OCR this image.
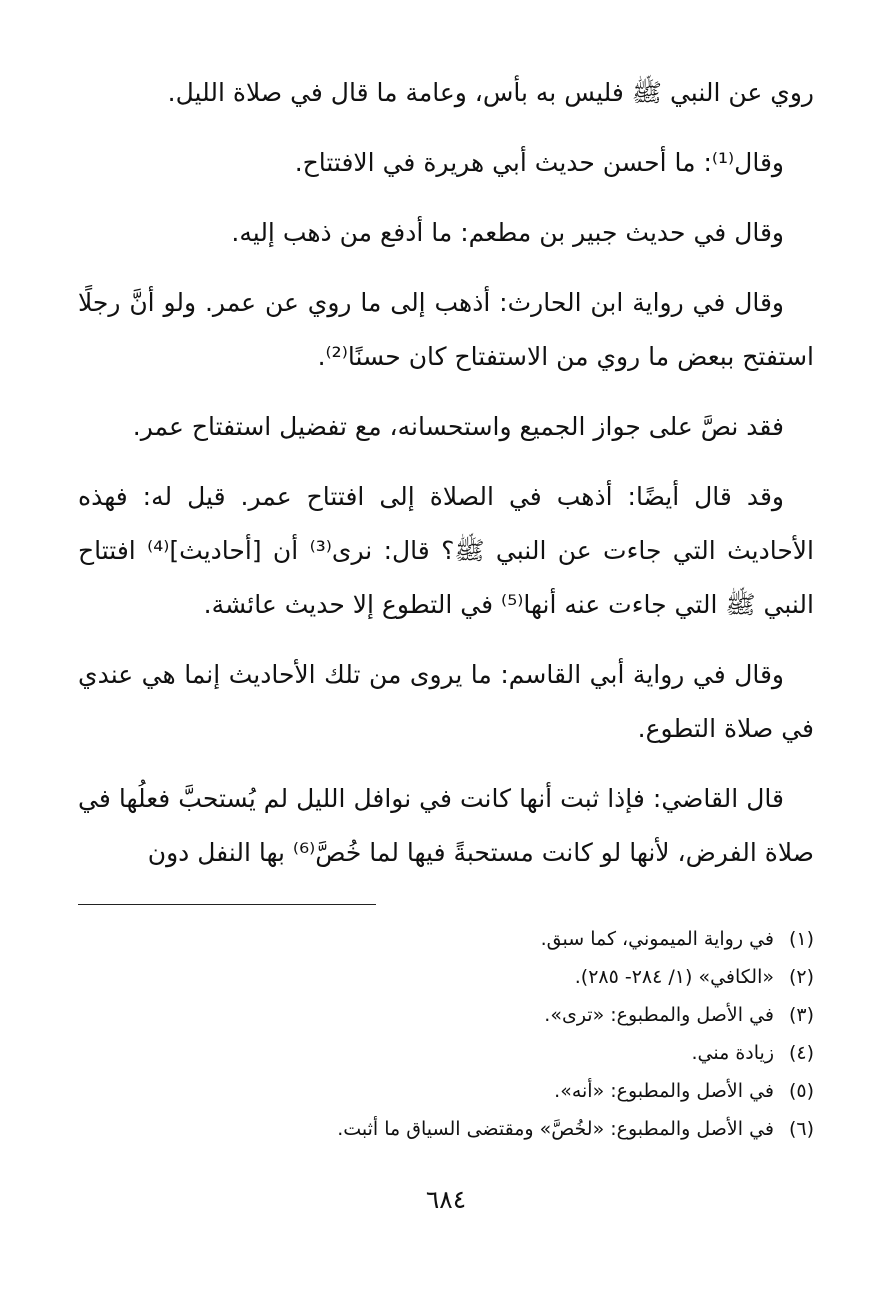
روي عن النبي ﷺ فليس به بأس، وعامة ما قال في صلاة الليل.

وقال⁽¹⁾: ما أحسن حديث أبي هريرة في الافتتاح.

وقال في حديث جبير بن مطعم: ما أدفع من ذهب إليه.

وقال في رواية ابن الحارث: أذهب إلى ما روي عن عمر. ولو أنَّ رجلًا استفتح ببعض ما روي من الاستفتاح كان حسنًا⁽²⁾.

فقد نصَّ على جواز الجميع واستحسانه، مع تفضيل استفتاح عمر.

وقد قال أيضًا: أذهب في الصلاة إلى افتتاح عمر. قيل له: فهذه الأحاديث التي جاءت عن النبي ﷺ؟ قال: نرى⁽³⁾ أن [أحاديث]⁽⁴⁾ افتتاح النبي ﷺ التي جاءت عنه أنها⁽⁵⁾ في التطوع إلا حديث عائشة.

وقال في رواية أبي القاسم: ما يروى من تلك الأحاديث إنما هي عندي في صلاة التطوع.

قال القاضي: فإذا ثبت أنها كانت في نوافل الليل لم يُستحبَّ فعلُها في صلاة الفرض، لأنها لو كانت مستحبةً فيها لما خُصَّ⁽⁶⁾ بها النفل دون

(١)
في رواية الميموني، كما سبق.
(٢)
«الكافي» (١/ ٢٨٤- ٢٨٥).
(٣)
في الأصل والمطبوع: «ترى».
(٤)
زيادة مني.
(٥)
في الأصل والمطبوع: «أنه».
(٦)
في الأصل والمطبوع: «لخُصَّ» ومقتضى السياق ما أثبت.
٦٨٤
